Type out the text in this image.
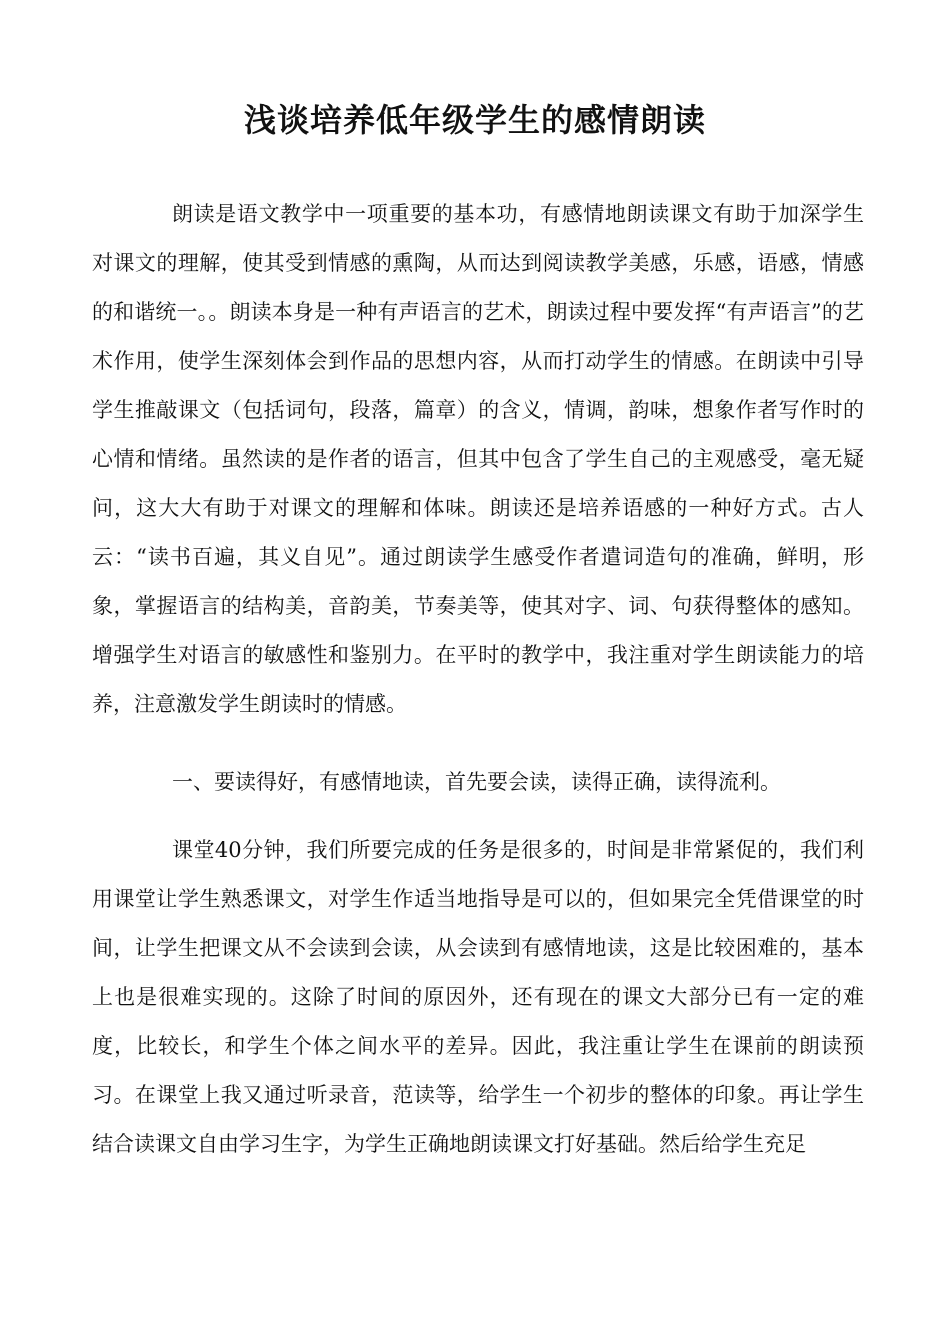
浅谈培养低年级学生的感情朗读

朗读是语文教学中一项重要的基本功，有感情地朗读课文有助于加深学生对课文的理解，使其受到情感的熏陶，从而达到阅读教学美感，乐感，语感，情感的和谐统一。。朗读本身是一种有声语言的艺术，朗读过程中要发挥“有声语言”的艺术作用，使学生深刻体会到作品的思想内容，从而打动学生的情感。在朗读中引导学生推敲课文（包括词句，段落，篇章）的含义，情调，韵味，想象作者写作时的心情和情绪。虽然读的是作者的语言，但其中包含了学生自己的主观感受，毫无疑问，这大大有助于对课文的理解和体味。朗读还是培养语感的一种好方式。古人云：“读书百遍，其义自见”。通过朗读学生感受作者遣词造句的准确，鲜明，形象，掌握语言的结构美，音韵美，节奏美等，使其对字、词、句获得整体的感知。增强学生对语言的敏感性和鉴别力。在平时的教学中，我注重对学生朗读能力的培养，注意激发学生朗读时的情感。

一、要读得好，有感情地读，首先要会读，读得正确，读得流利。

课堂40分钟，我们所要完成的任务是很多的，时间是非常紧促的，我们利用课堂让学生熟悉课文，对学生作适当地指导是可以的，但如果完全凭借课堂的时间，让学生把课文从不会读到会读，从会读到有感情地读，这是比较困难的，基本上也是很难实现的。这除了时间的原因外，还有现在的课文大部分已有一定的难度，比较长，和学生个体之间水平的差异。因此，我注重让学生在课前的朗读预习。在课堂上我又通过听录音，范读等，给学生一个初步的整体的印象。再让学生结合读课文自由学习生字，为学生正确地朗读课文打好基础。然后给学生充足
